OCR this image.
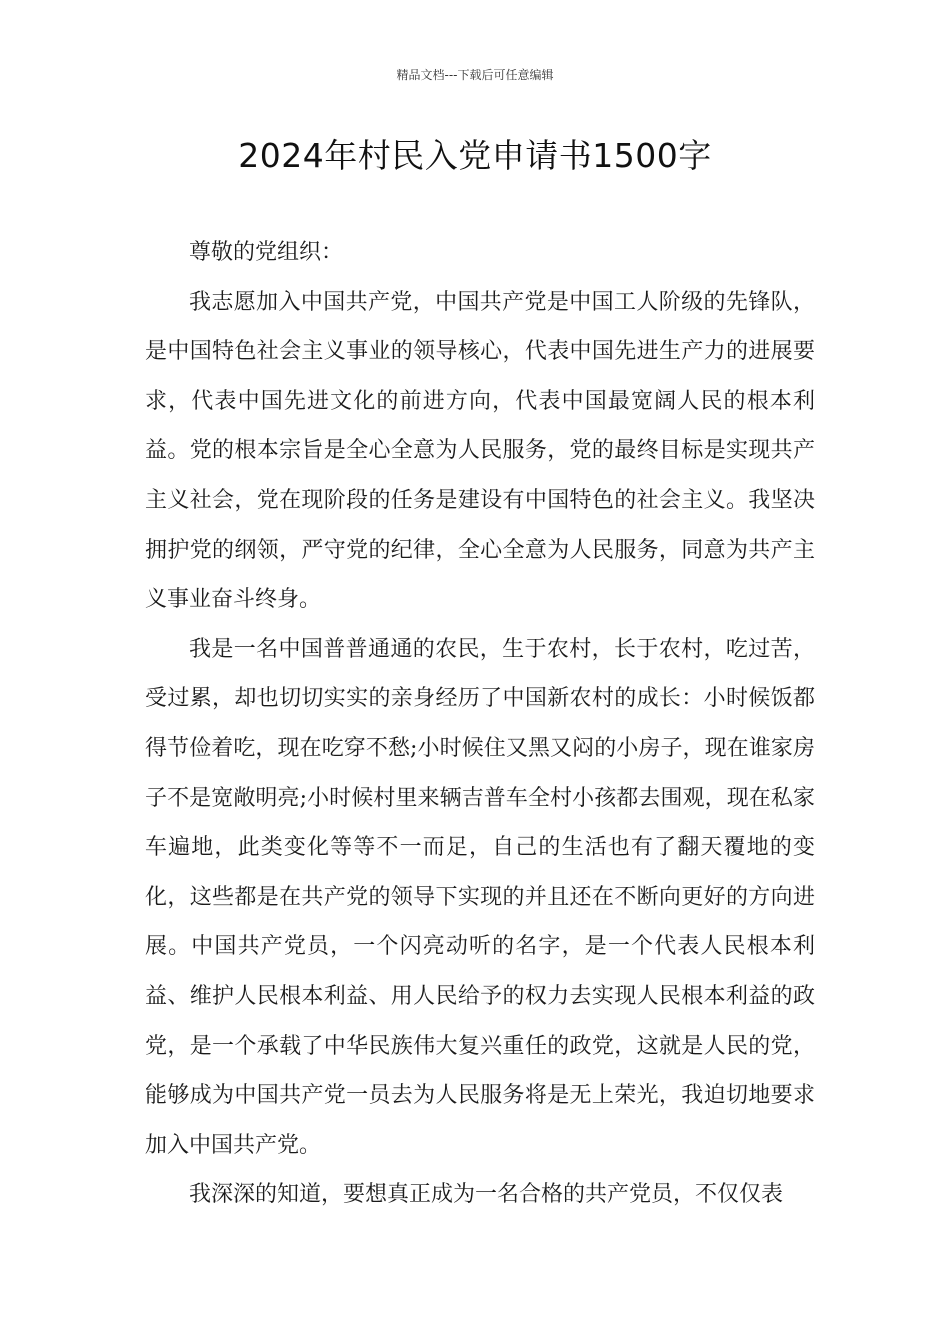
精品文档---下载后可任意编辑
2024年村民入党申请书1500字

尊敬的党组织：

我志愿加入中国共产党，中国共产党是中国工人阶级的先锋队，是中国特色社会主义事业的领导核心，代表中国先进生产力的进展要求，代表中国先进文化的前进方向，代表中国最宽阔人民的根本利益。党的根本宗旨是全心全意为人民服务，党的最终目标是实现共产主义社会，党在现阶段的任务是建设有中国特色的社会主义。我坚决拥护党的纲领，严守党的纪律，全心全意为人民服务，同意为共产主义事业奋斗终身。

我是一名中国普普通通的农民，生于农村，长于农村，吃过苦，受过累，却也切切实实的亲身经历了中国新农村的成长：小时候饭都得节俭着吃，现在吃穿不愁;小时候住又黑又闷的小房子，现在谁家房子不是宽敞明亮;小时候村里来辆吉普车全村小孩都去围观，现在私家车遍地，此类变化等等不一而足，自己的生活也有了翻天覆地的变化，这些都是在共产党的领导下实现的并且还在不断向更好的方向进展。中国共产党员，一个闪亮动听的名字，是一个代表人民根本利益、维护人民根本利益、用人民给予的权力去实现人民根本利益的政党，是一个承载了中华民族伟大复兴重任的政党，这就是人民的党，能够成为中国共产党一员去为人民服务将是无上荣光，我迫切地要求加入中国共产党。

我深深的知道，要想真正成为一名合格的共产党员，不仅仅表
